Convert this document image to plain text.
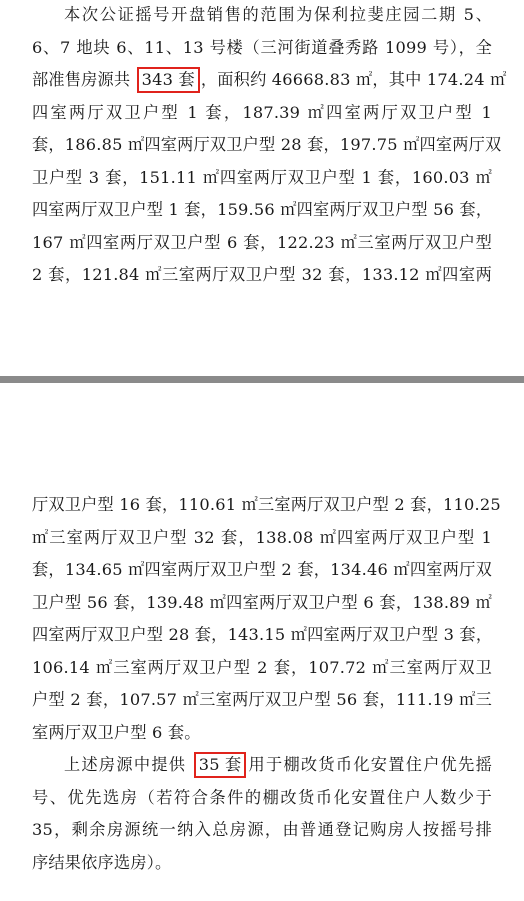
本次公证摇号开盘销售的范围为保利拉斐庄园二期 5、
6、7 地块 6、11、13 号楼（三河街道叠秀路 1099 号），全
部准售房源共 343 套 ，面积约 46668.83 ㎡，其中 174.24 ㎡
四室两厅双卫户型 1 套，187.39 ㎡四室两厅双卫户型 1
套，186.85 ㎡四室两厅双卫户型 28 套，197.75 ㎡四室两厅双
卫户型 3 套，151.11 ㎡四室两厅双卫户型 1 套，160.03 ㎡
四室两厅双卫户型 1 套，159.56 ㎡四室两厅双卫户型 56 套，
167 ㎡四室两厅双卫户型 6 套，122.23 ㎡三室两厅双卫户型
2 套，121.84 ㎡三室两厅双卫户型 32 套，133.12 ㎡四室两
厅双卫户型 16 套，110.61 ㎡三室两厅双卫户型 2 套，110.25
㎡三室两厅双卫户型 32 套，138.08 ㎡四室两厅双卫户型 1
套，134.65 ㎡四室两厅双卫户型 2 套，134.46 ㎡四室两厅双
卫户型 56 套，139.48 ㎡四室两厅双卫户型 6 套，138.89 ㎡
四室两厅双卫户型 28 套，143.15 ㎡四室两厅双卫户型 3 套，
106.14 ㎡三室两厅双卫户型 2 套，107.72 ㎡三室两厅双卫
户型 2 套，107.57 ㎡三室两厅双卫户型 56 套，111.19 ㎡三
室两厅双卫户型 6 套。
上述房源中提供 35 套 用于棚改货币化安置住户优先摇
号、优先选房（若符合条件的棚改货币化安置住户人数少于
35，剩余房源统一纳入总房源，由普通登记购房人按摇号排
序结果依序选房）。
